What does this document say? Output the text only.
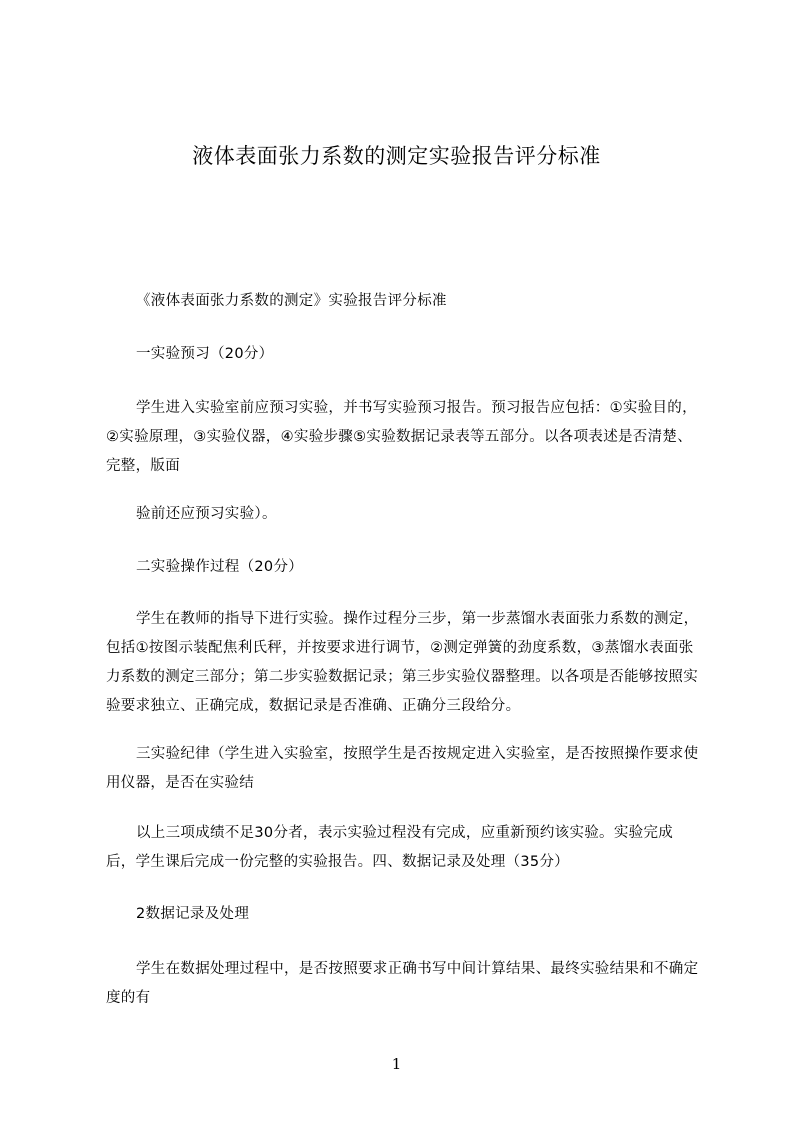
液体表面张力系数的测定实验报告评分标准

《液体表面张力系数的测定》实验报告评分标准

一实验预习（20分）

学生进入实验室前应预习实验，并书写实验预习报告。预习报告应包括：①实验目的，②实验原理，③实验仪器，④实验步骤⑤实验数据记录表等五部分。以各项表述是否清楚、完整，版面

验前还应预习实验）。

二实验操作过程（20分）

学生在教师的指导下进行实验。操作过程分三步，第一步蒸馏水表面张力系数的测定，包括①按图示装配焦利氏秤，并按要求进行调节，②测定弹簧的劲度系数，③蒸馏水表面张力系数的测定三部分；第二步实验数据记录；第三步实验仪器整理。以各项是否能够按照实验要求独立、正确完成，数据记录是否准确、正确分三段给分。

三实验纪律（学生进入实验室，按照学生是否按规定进入实验室，是否按照操作要求使用仪器，是否在实验结

以上三项成绩不足30分者，表示实验过程没有完成，应重新预约该实验。实验完成后，学生课后完成一份完整的实验报告。四、数据记录及处理（35分）

2数据记录及处理

学生在数据处理过程中，是否按照要求正确书写中间计算结果、最终实验结果和不确定度的有

1
